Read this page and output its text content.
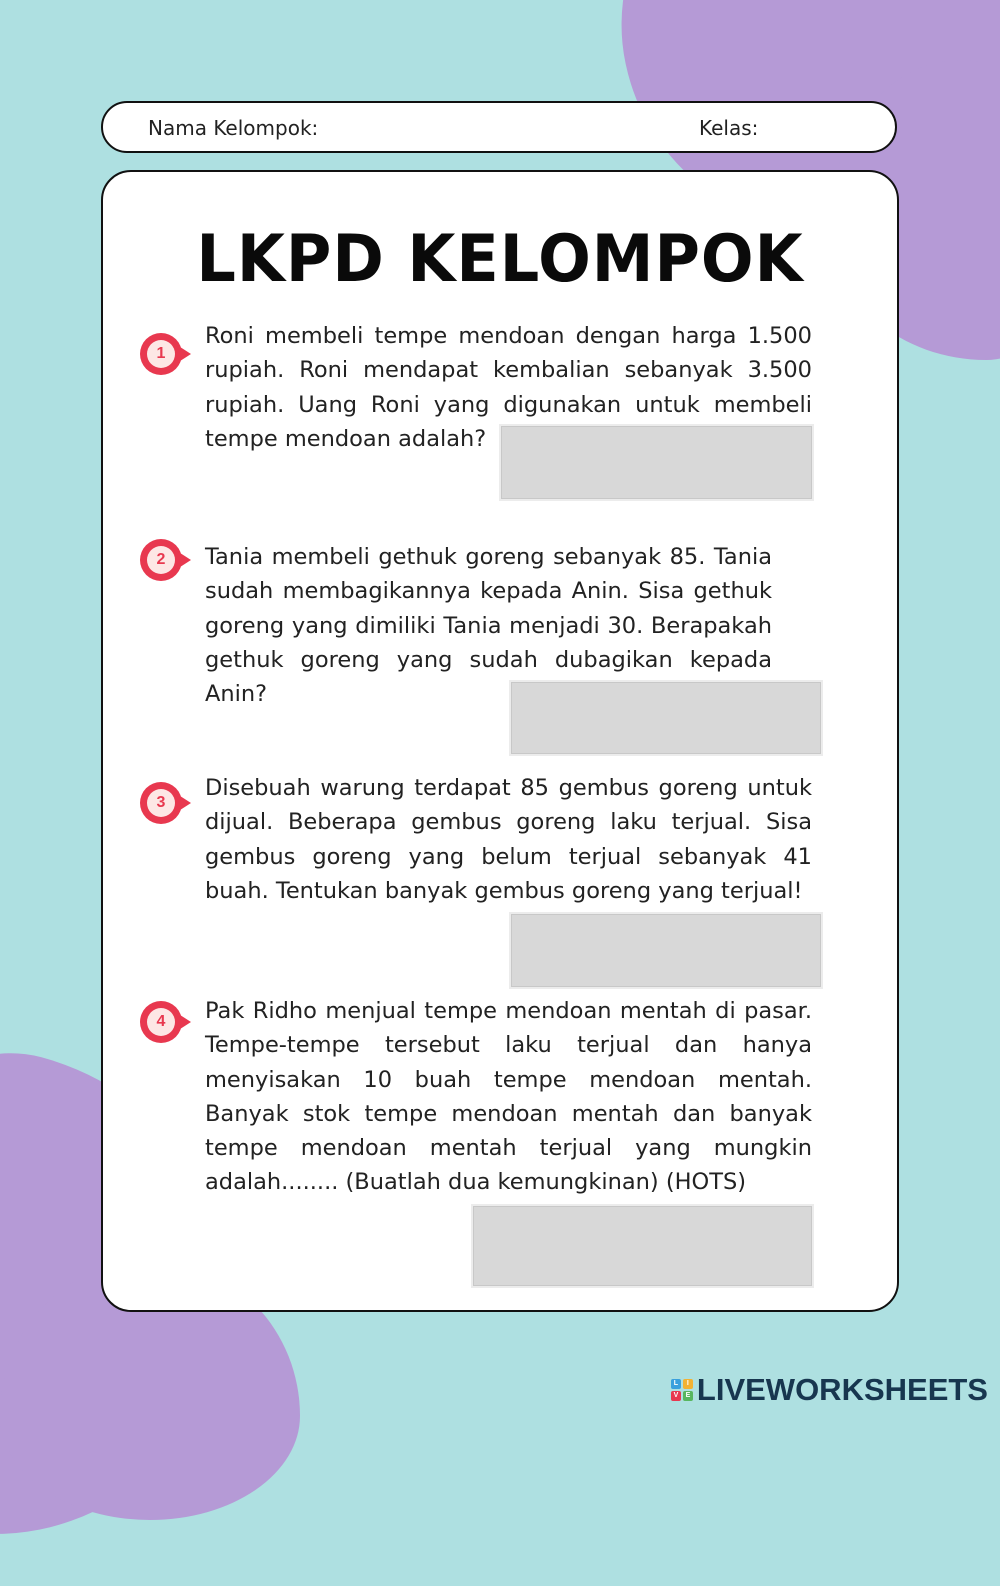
Nama Kelompok:	Kelas:
LKPD KELOMPOK
1
Roni membeli tempe mendoan dengan harga 1.500 rupiah. Roni mendapat kembalian sebanyak 3.500 rupiah. Uang Roni yang digunakan untuk membeli tempe mendoan adalah?
2	Tania membeli gethuk goreng sebanyak 85. Tania sudah membagikannya kepada Anin. Sisa gethuk goreng yang dimiliki Tania menjadi 30. Berapakah gethuk goreng yang sudah dubagikan kepada Anin?
3
Disebuah warung terdapat 85 gembus goreng untuk dijual. Beberapa gembus goreng laku terjual. Sisa gembus goreng yang belum terjual sebanyak 41 buah. Tentukan banyak gembus goreng yang terjual!
4	Pak Ridho menjual tempe mendoan mentah di pasar. Tempe-tempe tersebut laku terjual dan hanya menyisakan 10 buah tempe mendoan mentah. Banyak stok tempe mendoan mentah dan banyak tempe mendoan mentah terjual yang mungkin adalah........ (Buatlah dua kemungkinan) (HOTS)
L	I
V	E LIVEWORKSHEETS
